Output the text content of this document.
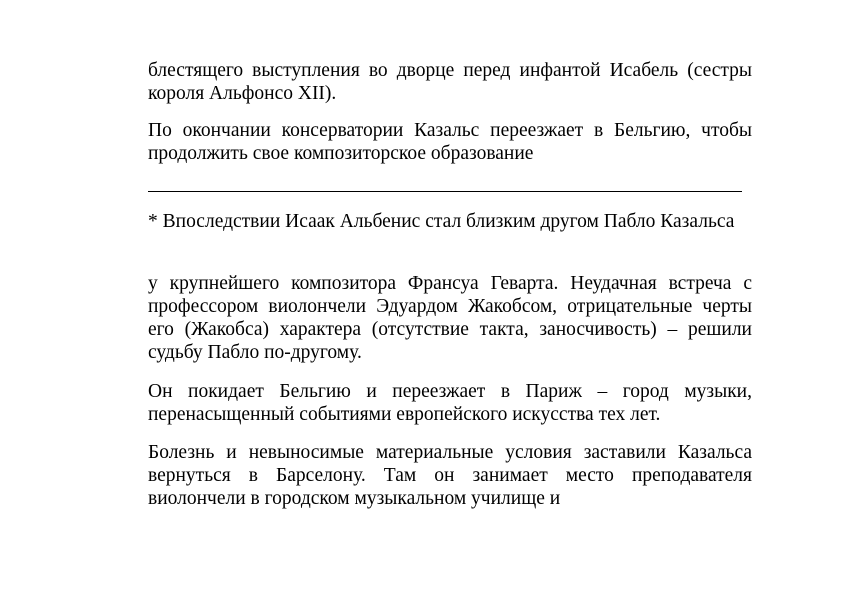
блестящего выступления во дворце перед инфантой Исабель (сестры короля Альфонсо XII).

По окончании консерватории Казальс переезжает в Бельгию, чтобы продолжить свое композиторское образование

* Впоследствии Исаак Альбенис стал близким другом Пабло Казальса

у крупнейшего композитора Франсуа Геварта. Неудачная встреча с профессором виолончели Эдуардом Жакобсом, отрицательные черты его (Жакобса) характера (отсутствие такта, заносчивость) – решили судьбу Пабло по-другому.

Он покидает Бельгию и переезжает в Париж – город музыки, перенасыщенный событиями европейского искусства тех лет.

Болезнь и невыносимые материальные условия заставили Казальса вернуться в Барселону. Там он занимает место преподавателя виолончели в городском музыкальном училище и
